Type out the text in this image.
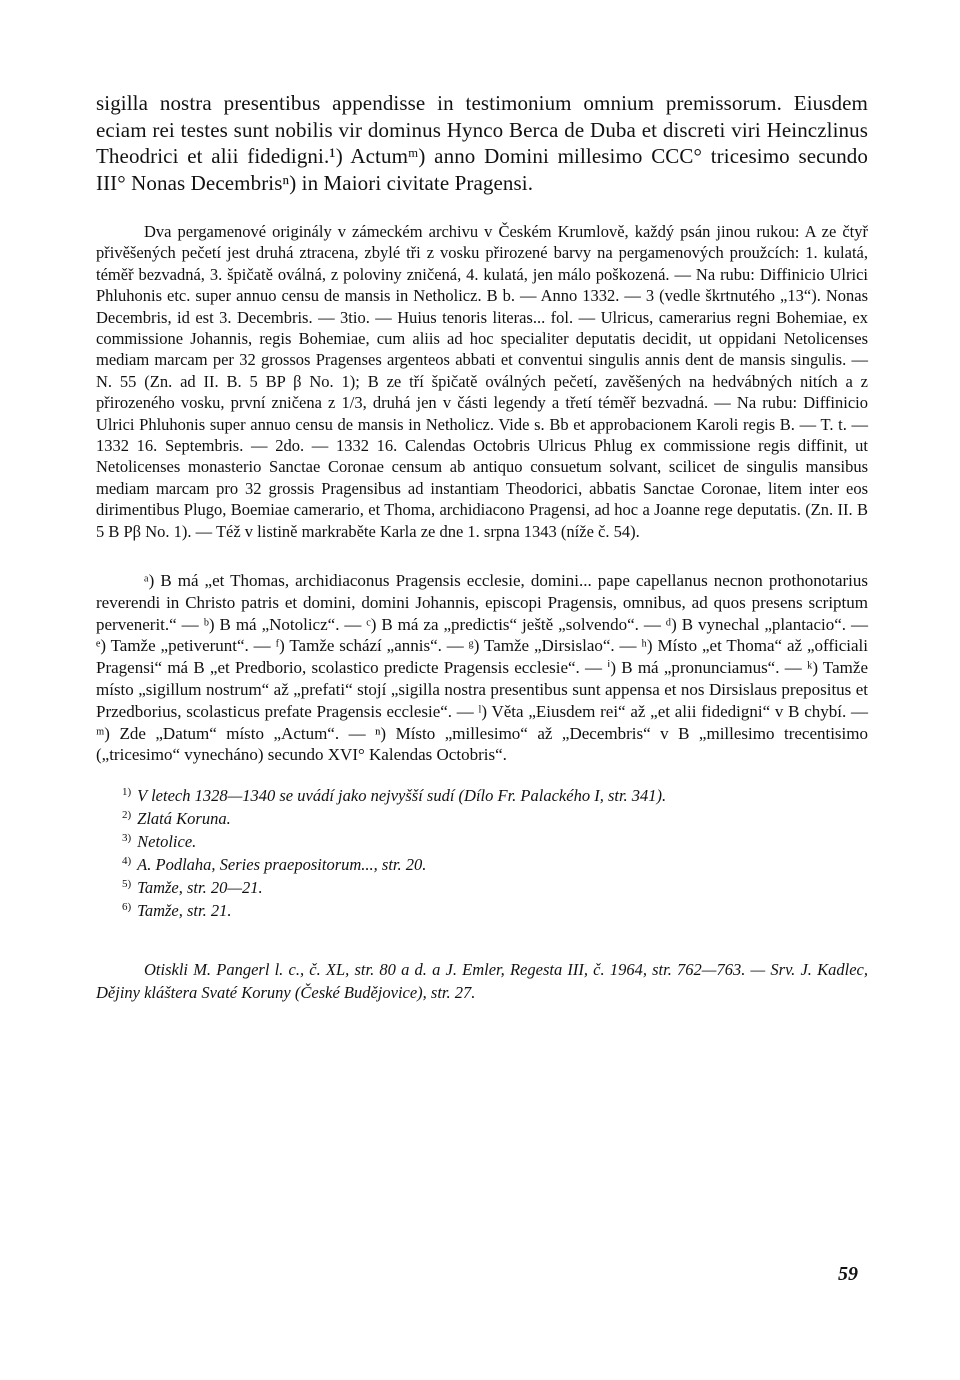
sigilla nostra presentibus appendisse in testimonium omnium premissorum. Eiusdem eciam rei testes sunt nobilis vir dominus Hynco Berca de Duba et discreti viri Heinczlinus Theodrici et alii fidedigni.¹) Actumᵐ) anno Domini millesimo CCC° tricesimo secundo III° Nonas Decembrisⁿ) in Maiori civitate Pragensi.

Dva pergamenové originály v zámeckém archivu v Českém Krumlově, každý psán jinou rukou: A ze čtyř přivěšených pečetí jest druhá ztracena, zbylé tři z vosku přirozené barvy na pergamenových proužcích: 1. kulatá, téměř bezvadná, 3. špičatě oválná, z poloviny zničená, 4. kulatá, jen málo poškozená. — Na rubu: Diffinicio Ulrici Phluhonis etc. super annuo censu de mansis in Netholicz. B b. — Anno 1332. — 3 (vedle škrtnutého „13“). Nonas Decembris, id est 3. Decembris. — 3tio. — Huius tenoris literas... fol. — Ulricus, camerarius regni Bohemiae, ex commissione Johannis, regis Bohemiae, cum aliis ad hoc specialiter deputatis decidit, ut oppidani Netolicenses mediam marcam per 32 grossos Pragenses argenteos abbati et conventui singulis annis dent de mansis singulis. — N. 55 (Zn. ad II. B. 5 BP β No. 1); B ze tří špičatě oválných pečetí, zavěšených na hedvábných nitích a z přirozeného vosku, první zničena z 1/3, druhá jen v části legendy a třetí téměř bezvadná. — Na rubu: Diffinicio Ulrici Phluhonis super annuo censu de mansis in Netholicz. Vide s. Bb et approbacionem Karoli regis B. — T. t. — 1332 16. Septembris. — 2do. — 1332 16. Calendas Octobris Ulricus Phlug ex commissione regis diffinit, ut Netolicenses monasterio Sanctae Coronae censum ab antiquo consuetum solvant, scilicet de singulis mansibus mediam marcam pro 32 grossis Pragensibus ad instantiam Theodorici, abbatis Sanctae Coronae, litem inter eos dirimentibus Plugo, Boemiae camerario, et Thoma, archidiacono Pragensi, ad hoc a Joanne rege deputatis. (Zn. II. B 5 B Pβ No. 1). — Též v listině markraběte Karla ze dne 1. srpna 1343 (níže č. 54).

ᵃ) B má „et Thomas, archidiaconus Pragensis ecclesie, domini... pape capellanus necnon prothonotarius reverendi in Christo patris et domini, domini Johannis, episcopi Pragensis, omnibus, ad quos presens scriptum pervenerit.“ — ᵇ) B má „Notolicz“. — ᶜ) B má za „predictis“ ještě „solvendo“. — ᵈ) B vynechal „plantacio“. — ᵉ) Tamže „petiverunt“. — ᶠ) Tamže schází „annis“. — ᵍ) Tamže „Dirsislao“. — ʰ) Místo „et Thoma“ až „officiali Pragensi“ má B „et Predborio, scolastico predicte Pragensis ecclesie“. — ⁱ) B má „pronunciamus“. — ᵏ) Tamže místo „sigillum nostrum“ až „prefati“ stojí „sigilla nostra presentibus sunt appensa et nos Dirsislaus prepositus et Przedborius, scolasticus prefate Pragensis ecclesie“. — ˡ) Věta „Eiusdem rei“ až „et alii fidedigni“ v B chybí. — ᵐ) Zde „Datum“ místo „Actum“. — ⁿ) Místo „millesimo“ až „Decembris“ v B „millesimo trecentisimo („tricesimo“ vynecháno) secundo XVI° Kalendas Octobris“.

$^{1)}$ V letech 1328—1340 se uvádí jako nejvyšší sudí (Dílo Fr. Palackého I, str. 341).
$^{2)}$ Zlatá Koruna.
$^{3)}$ Netolice.
$^{4)}$ A. Podlaha, Series praepositorum..., str. 20.
$^{5)}$ Tamže, str. 20—21.
$^{6)}$ Tamže, str. 21.

Otiskli M. Pangerl l. c., č. XL, str. 80 a d. a J. Emler, Regesta III, č. 1964, str. 762—763. — Srv. J. Kadlec, Dějiny kláštera Svaté Koruny (České Budějovice), str. 27.

59
